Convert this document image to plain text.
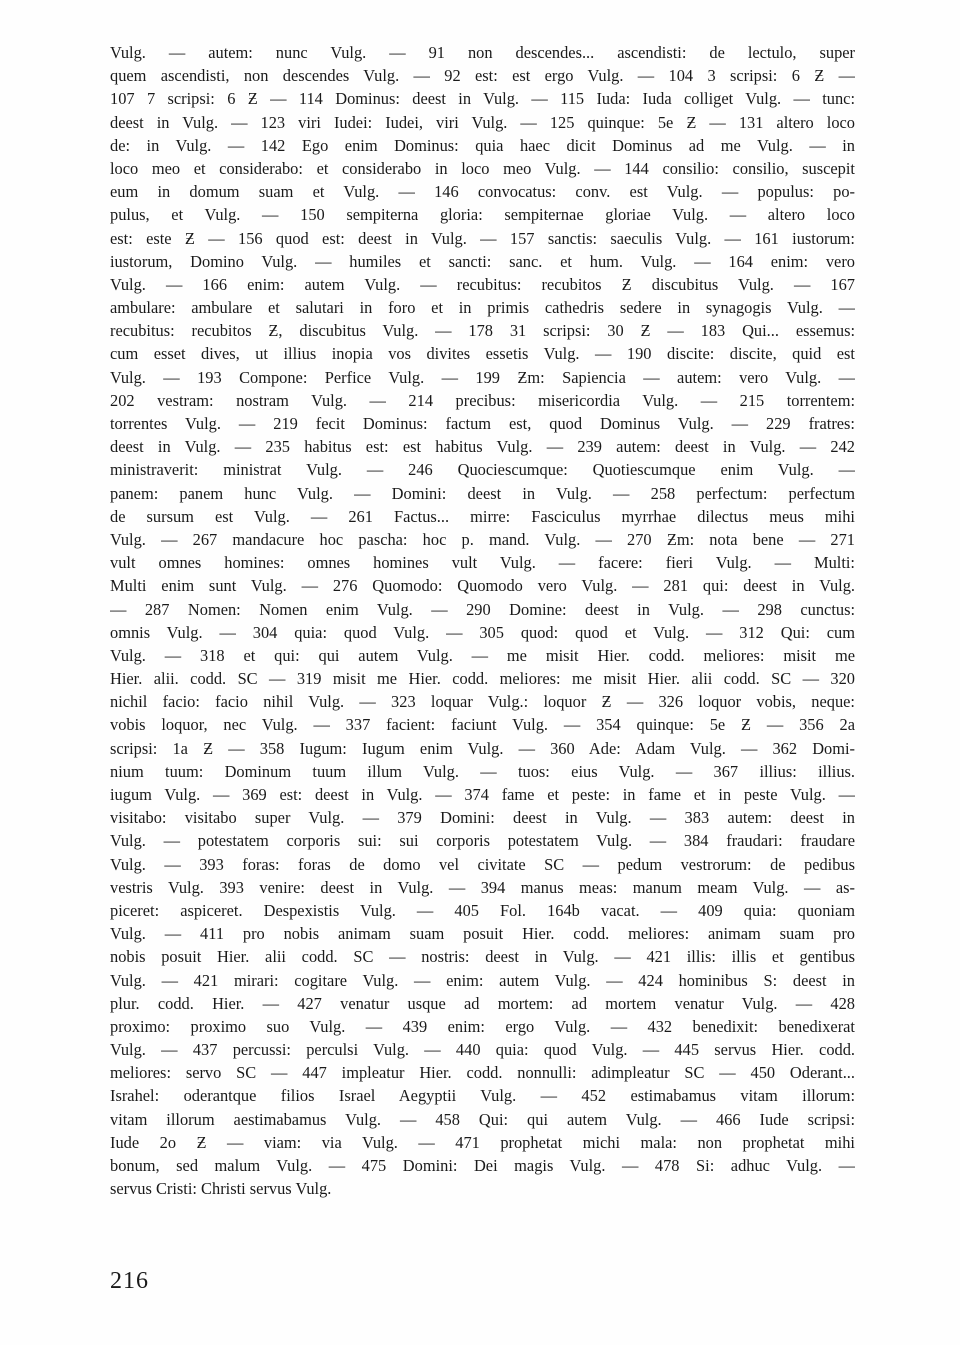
Vulg. — autem: nunc Vulg. — 91 non descendes... ascendisti: de lectulo, super
quem ascendisti, non descendes Vulg. — 92 est: est ergo Vulg. — 104 3 scripsi: 6 Ƶ —
107 7 scripsi: 6 Ƶ — 114 Dominus: deest in Vulg. — 115 Iuda: Iuda colliget Vulg. — tunc:
deest in Vulg. — 123 viri Iudei: Iudei, viri Vulg. — 125 quinque: 5e Ƶ — 131 altero loco
de: in Vulg. — 142 Ego enim Dominus: quia haec dicit Dominus ad me Vulg. — in
loco meo et considerabo: et considerabo in loco meo Vulg. — 144 consilio: consilio, suscepit
eum in domum suam et Vulg. — 146 convocatus: conv. est Vulg. — populus: po-
pulus, et Vulg. — 150 sempiterna gloria: sempiternae gloriae Vulg. — altero loco
est: este Ƶ — 156 quod est: deest in Vulg. — 157 sanctis: saeculis Vulg. — 161 iustorum:
iustorum, Domino Vulg. — humiles et sancti: sanc. et hum. Vulg. — 164 enim: vero
Vulg. — 166 enim: autem Vulg. — recubitus: recubitos Ƶ discubitus Vulg. — 167
ambulare: ambulare et salutari in foro et in primis cathedris sedere in synagogis Vulg. —
recubitus: recubitos Ƶ, discubitus Vulg. — 178 31 scripsi: 30 Ƶ — 183 Qui... essemus:
cum esset dives, ut illius inopia vos divites essetis Vulg. — 190 discite: discite, quid est
Vulg. — 193 Compone: Perfice Vulg. — 199 Ƶm: Sapiencia — autem: vero Vulg. —
202 vestram: nostram Vulg. — 214 precibus: misericordia Vulg. — 215 torrentem:
torrentes Vulg. — 219 fecit Dominus: factum est, quod Dominus Vulg. — 229 fratres:
deest in Vulg. — 235 habitus est: est habitus Vulg. — 239 autem: deest in Vulg. — 242
ministraverit: ministrat Vulg. — 246 Quociescumque: Quotiescumque enim Vulg. —
panem: panem hunc Vulg. — Domini: deest in Vulg. — 258 perfectum: perfectum
de sursum est Vulg. — 261 Factus... mirre: Fasciculus myrrhae dilectus meus mihi
Vulg. — 267 mandacure hoc pascha: hoc p. mand. Vulg. — 270 Ƶm: nota bene — 271
vult omnes homines: omnes homines vult Vulg. — facere: fieri Vulg. — Multi:
Multi enim sunt Vulg. — 276 Quomodo: Quomodo vero Vulg. — 281 qui: deest in Vulg.
— 287 Nomen: Nomen enim Vulg. — 290 Domine: deest in Vulg. — 298 cunctus:
omnis Vulg. — 304 quia: quod Vulg. — 305 quod: quod et Vulg. — 312 Qui: cum
Vulg. — 318 et qui: qui autem Vulg. — me misit Hier. codd. meliores: misit me
Hier. alii. codd. SC — 319 misit me Hier. codd. meliores: me misit Hier. alii codd. SC — 320
nichil facio: facio nihil Vulg. — 323 loquar Vulg.: loquor Ƶ — 326 loquor vobis, neque:
vobis loquor, nec Vulg. — 337 facient: faciunt Vulg. — 354 quinque: 5e Ƶ — 356 2a
scripsi: 1a Ƶ — 358 Iugum: Iugum enim Vulg. — 360 Ade: Adam Vulg. — 362 Domi-
nium tuum: Dominum tuum illum Vulg. — tuos: eius Vulg. — 367 illius: illius.
iugum Vulg. — 369 est: deest in Vulg. — 374 fame et peste: in fame et in peste Vulg. —
visitabo: visitabo super Vulg. — 379 Domini: deest in Vulg. — 383 autem: deest in
Vulg. — potestatem corporis sui: sui corporis potestatem Vulg. — 384 fraudari: fraudare
Vulg. — 393 foras: foras de domo vel civitate SC — pedum vestrorum: de pedibus
vestris Vulg. 393 venire: deest in Vulg. — 394 manus meas: manum meam Vulg. — as-
piceret: aspiceret. Despexistis Vulg. — 405 Fol. 164b vacat. — 409 quia: quoniam
Vulg. — 411 pro nobis animam suam posuit Hier. codd. meliores: animam suam pro
nobis posuit Hier. alii codd. SC — nostris: deest in Vulg. — 421 illis: illis et gentibus
Vulg. — 421 mirari: cogitare Vulg. — enim: autem Vulg. — 424 hominibus S: deest in
plur. codd. Hier. — 427 venatur usque ad mortem: ad mortem venatur Vulg. — 428
proximo: proximo suo Vulg. — 439 enim: ergo Vulg. — 432 benedixit: benedixerat
Vulg. — 437 percussi: perculsi Vulg. — 440 quia: quod Vulg. — 445 servus Hier. codd.
meliores: servo SC — 447 impleatur Hier. codd. nonnulli: adimpleatur SC — 450 Oderant...
Israhel: oderantque filios Israel Aegyptii Vulg. — 452 estimabamus vitam illorum:
vitam illorum aestimabamus Vulg. — 458 Qui: qui autem Vulg. — 466 Iude scripsi:
Iude 2o Ƶ — viam: via Vulg. — 471 prophetat michi mala: non prophetat mihi
bonum, sed malum Vulg. — 475 Domini: Dei magis Vulg. — 478 Si: adhuc Vulg. —
servus Cristi: Christi servus Vulg.
216
